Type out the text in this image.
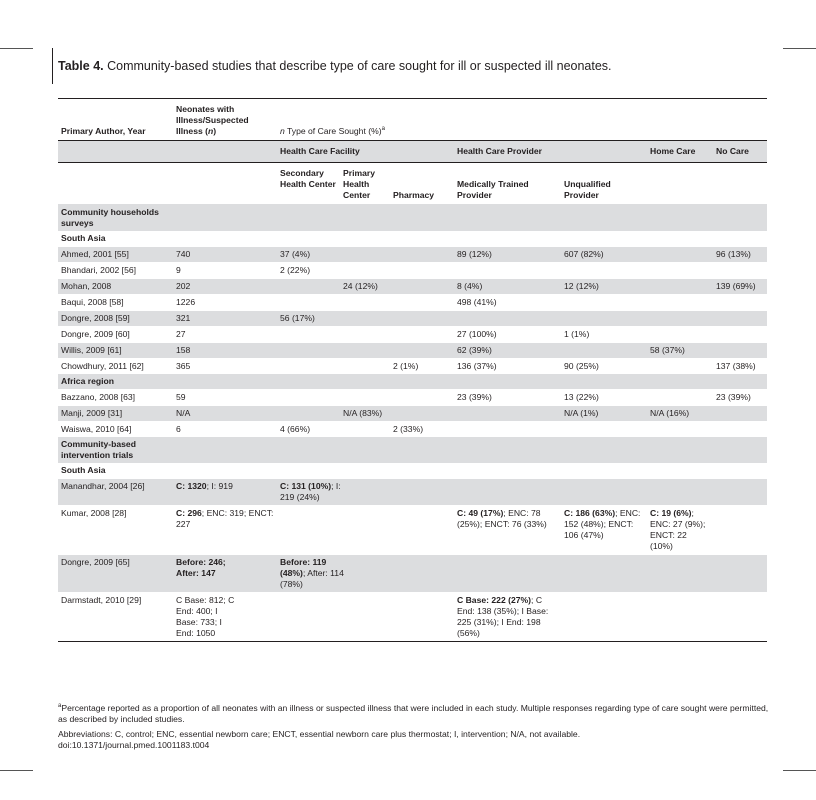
Table 4. Community-based studies that describe type of care sought for ill or suspected ill neonates.
Primary Author, Year	Neonates with Illness/Suspected Illness (n)	n Type of Care Sought (%)$^a$
		Health Care Facility			Health Care Provider		Home Care	No Care
		Secondary Health Center	Primary Health Center	Pharmacy	Medically Trained Provider	Unqualified Provider		
Community households surveys								
South Asia								
Ahmed, 2001 [55]	740	37 (4%)			89 (12%)	607 (82%)		96 (13%)
Bhandari, 2002 [56]	9	2 (22%)						
Mohan, 2008	202		24 (12%)		8 (4%)	12 (12%)		139 (69%)
Baqui, 2008 [58]	1226				498 (41%)			
Dongre, 2008 [59]	321	56 (17%)						
Dongre, 2009 [60]	27				27 (100%)	1 (1%)		
Willis, 2009 [61]	158				62 (39%)		58 (37%)	
Chowdhury, 2011 [62]	365			2 (1%)	136 (37%)	90 (25%)		137 (38%)
Africa region								
Bazzano, 2008 [63]	59				23 (39%)	13 (22%)		23 (39%)
Manji, 2009 [31]	N/A		N/A (83%)			N/A (1%)	N/A (16%)	
Waiswa, 2010 [64]	6	4 (66%)		2 (33%)				
Community-based intervention trials								
South Asia								
Manandhar, 2004 [26]	C: 1320; I: 919	C: 131 (10%); I: 219 (24%)						
Kumar, 2008 [28]	C: 296; ENC: 319; ENCT: 227				C: 49 (17%); ENC: 78 (25%); ENCT: 76 (33%)	C: 186 (63%); ENC: 152 (48%); ENCT: 106 (47%)	C: 19 (6%); ENC: 27 (9%); ENCT: 22 (10%)	
Dongre, 2009 [65]	Before: 246; After: 147	Before: 119 (48%); After: 114 (78%)						
Darmstadt, 2010 [29]	C Base: 812; C End: 400; I Base: 733; I End: 1050				C Base: 222 (27%); C End: 138 (35%); I Base: 225 (31%); I End: 198 (56%)			
$^a$Percentage reported as a proportion of all neonates with an illness or suspected illness that were included in each study. Multiple responses regarding type of care sought were permitted, as described by included studies.
Abbreviations: C, control; ENC, essential newborn care; ENCT, essential newborn care plus thermostat; I, intervention; N/A, not available.
doi:10.1371/journal.pmed.1001183.t004
